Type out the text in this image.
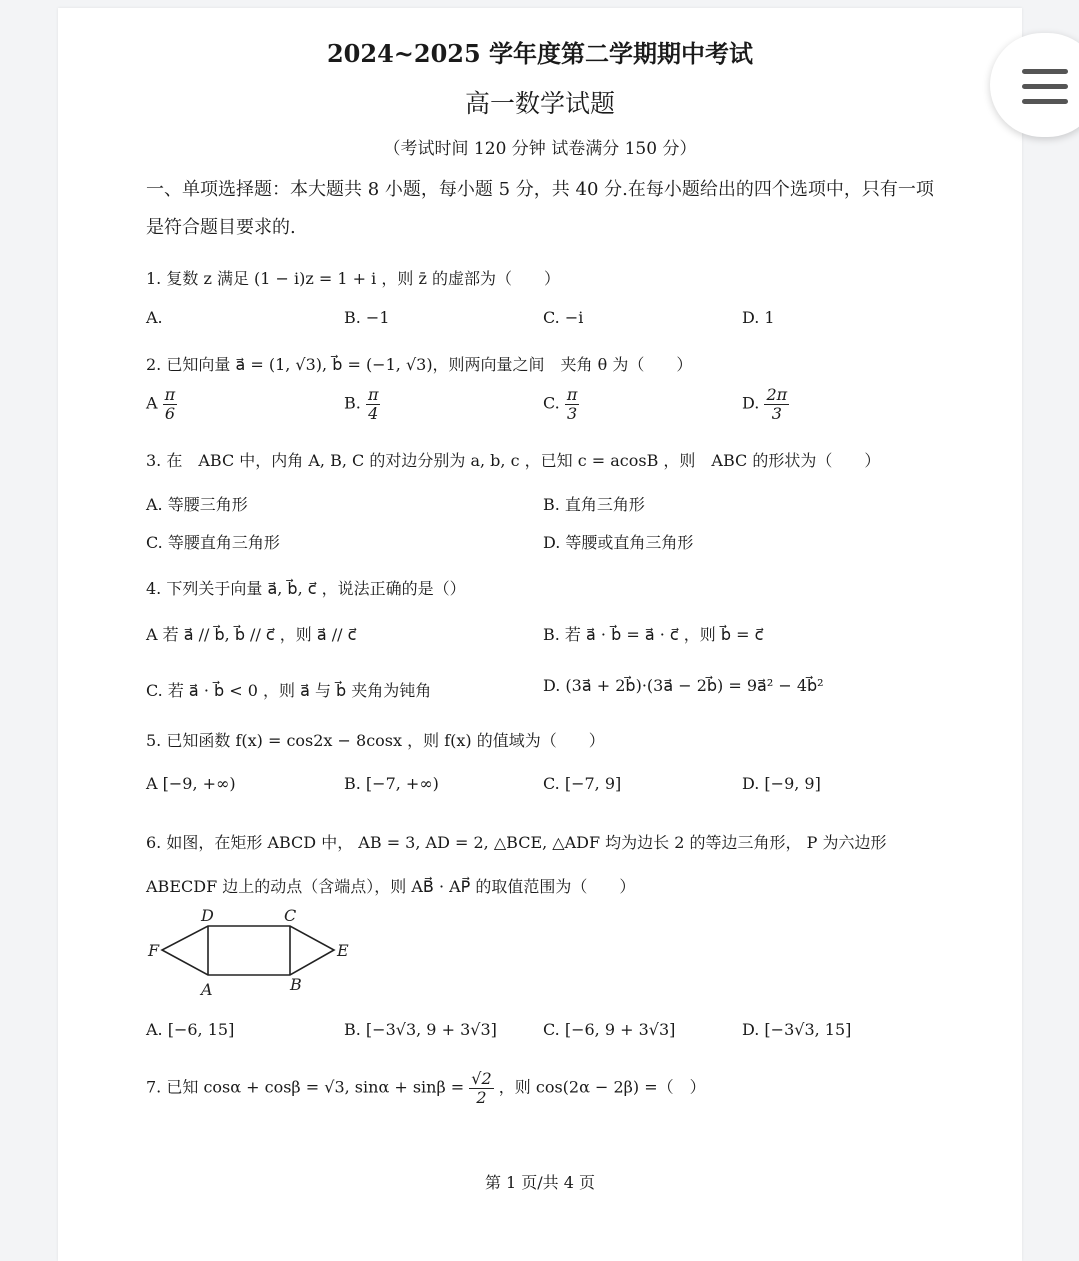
2024~2025 学年度第二学期期中考试
高一数学试题
（考试时间 120 分钟 试卷满分 150 分）
一、单项选择题：本大题共 8 小题，每小题 5 分，共 40 分.在每小题给出的四个选项中，只有一项是符合题目要求的.
1. 复数 z 满足 (1 − i)z = 1 + i ，则 z̄ 的虚部为（　　）
A.	B. −1	C. −i	D. 1
2. 已知向量 a⃗ = (1, √3), b⃗ = (−1, √3)，则两向量之间　夹角 θ 为（　　）
A $\frac{\pi}{6}$	B. $\frac{\pi}{4}$	C. $\frac{\pi}{3}$	D. $\frac{2\pi}{3}$
3. 在　ABC 中，内角 A, B, C 的对边分别为 a, b, c ，已知 c = acosB ，则　ABC 的形状为（　　）
A. 等腰三角形	B. 直角三角形
C. 等腰直角三角形	D. 等腰或直角三角形
4. 下列关于向量 a⃗, b⃗, c⃗ ，说法正确的是（）
A 若 a⃗ // b⃗, b⃗ // c⃗ ，则 a⃗ // c⃗	B. 若 a⃗ · b⃗ = a⃗ · c⃗ ，则 b⃗ = c⃗
C. 若 a⃗ · b⃗ < 0 ，则 a⃗ 与 b⃗ 夹角为钝角	D. (3a⃗ + 2b⃗)·(3a⃗ − 2b⃗) = 9a⃗² − 4b⃗²
5. 已知函数 f(x) = cos2x − 8cosx ，则 f(x) 的值域为（　　）
A [−9, +∞)	B. [−7, +∞)	C. [−7, 9]	D. [−9, 9]
6. 如图，在矩形 ABCD 中， AB = 3, AD = 2, △BCE, △ADF 均为边长 2 的等边三角形， P 为六边形
ABECDF 边上的动点（含端点），则 AB⃗ · AP⃗ 的取值范围为（　　）
D	C
F	E
A	B
A. [−6, 15]	B. [−3√3, 9 + 3√3]	C. [−6, 9 + 3√3]	D. [−3√3, 15]
7. 已知 cosα + cosβ = √3, $\sin\alpha + \sin\beta = \frac{√2}{2}$ ，则 cos(2α − 2β) =（　）
第 1 页/共 4 页
